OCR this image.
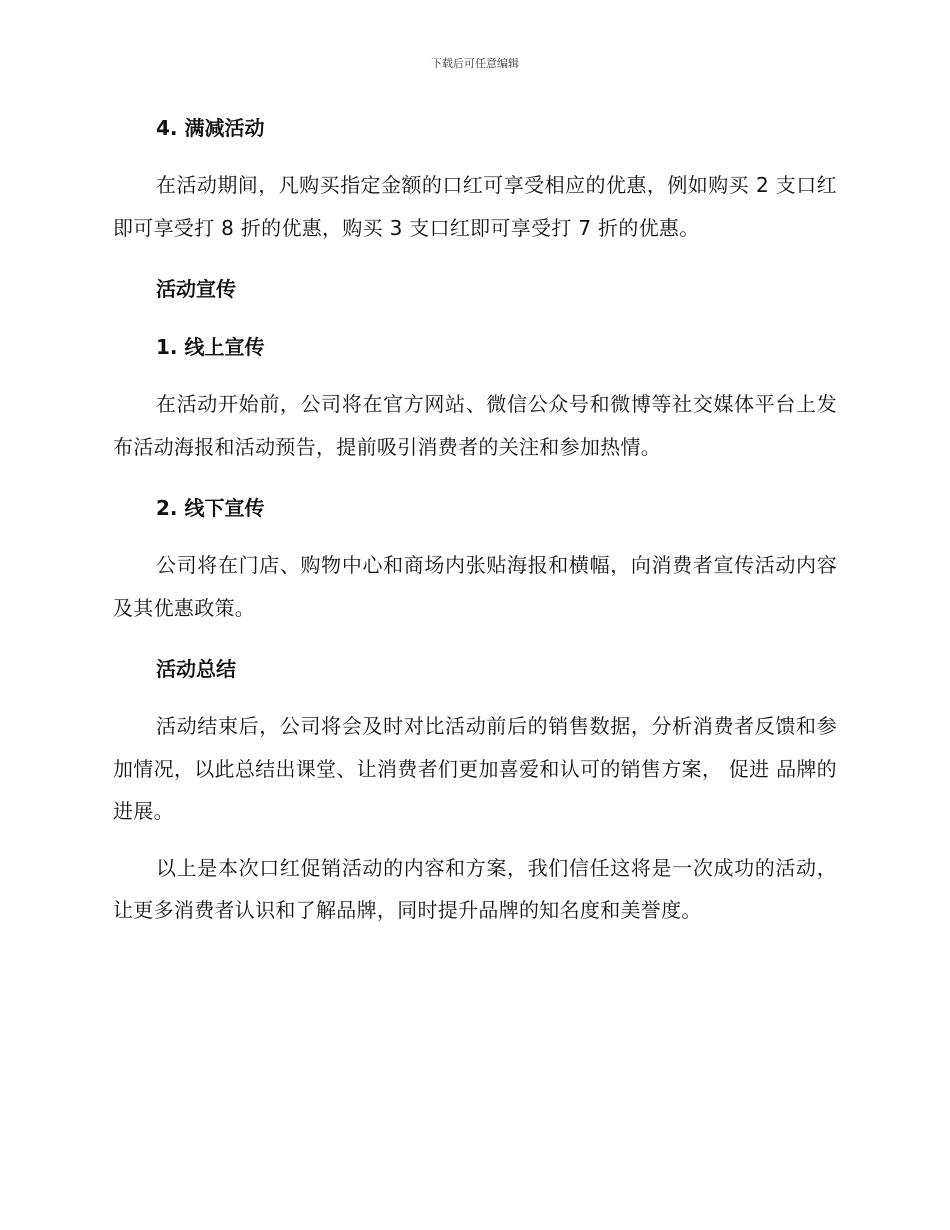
下载后可任意编辑
4. 满减活动

在活动期间，凡购买指定金额的口红可享受相应的优惠，例如购买 2 支口红即可享受打 8 折的优惠，购买 3 支口红即可享受打 7 折的优惠。

活动宣传
1. 线上宣传

在活动开始前，公司将在官方网站、微信公众号和微博等社交媒体平台上发布活动海报和活动预告，提前吸引消费者的关注和参加热情。

2. 线下宣传

公司将在门店、购物中心和商场内张贴海报和横幅，向消费者宣传活动内容及其优惠政策。

活动总结

活动结束后，公司将会及时对比活动前后的销售数据，分析消费者反馈和参加情况，以此总结出课堂、让消费者们更加喜爱和认可的销售方案， 促进 品牌的进展。

以上是本次口红促销活动的内容和方案，我们信任这将是一次成功的活动，让更多消费者认识和了解品牌，同时提升品牌的知名度和美誉度。
